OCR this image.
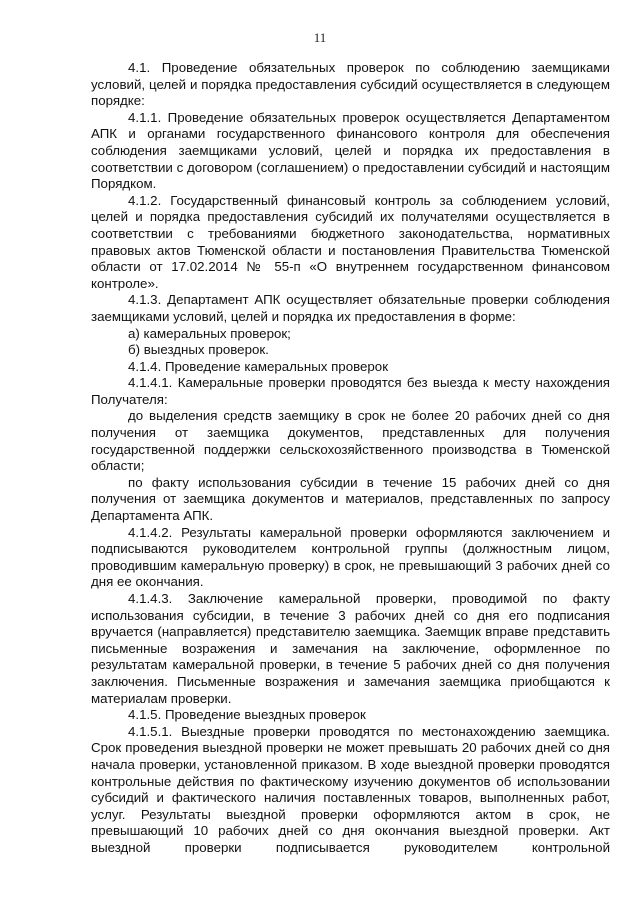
11

4.1. Проведение обязательных проверок по соблюдению заемщиками условий, целей и порядка предоставления субсидий осуществляется в следующем порядке:

4.1.1. Проведение обязательных проверок осуществляется Департаментом АПК и органами государственного финансового контроля для обеспечения соблюдения заемщиками условий, целей и порядка их предоставления в соответствии с договором (соглашением) о предоставлении субсидий и настоящим Порядком.

4.1.2. Государственный финансовый контроль за соблюдением условий, целей и порядка предоставления субсидий их получателями осуществляется в соответствии с требованиями бюджетного законодательства, нормативных правовых актов Тюменской области и постановления Правительства Тюменской области от 17.02.2014 № 55-п «О внутреннем государственном финансовом контроле».

4.1.3. Департамент АПК осуществляет обязательные проверки соблюдения заемщиками условий, целей и порядка их предоставления в форме:

а) камеральных проверок;

б) выездных проверок.

4.1.4. Проведение камеральных проверок

4.1.4.1. Камеральные проверки проводятся без выезда к месту нахождения Получателя:

до выделения средств заемщику в срок не более 20 рабочих дней со дня получения от заемщика документов, представленных для получения государственной поддержки сельскохозяйственного производства в Тюменской области;

по факту использования субсидии в течение 15 рабочих дней со дня получения от заемщика документов и материалов, представленных по запросу Департамента АПК.

4.1.4.2. Результаты камеральной проверки оформляются заключением и подписываются руководителем контрольной группы (должностным лицом, проводившим камеральную проверку) в срок, не превышающий 3 рабочих дней со дня ее окончания.

4.1.4.3. Заключение камеральной проверки, проводимой по факту использования субсидии, в течение 3 рабочих дней со дня его подписания вручается (направляется) представителю заемщика. Заемщик вправе представить письменные возражения и замечания на заключение, оформленное по результатам камеральной проверки, в течение 5 рабочих дней со дня получения заключения. Письменные возражения и замечания заемщика приобщаются к материалам проверки.

4.1.5. Проведение выездных проверок

4.1.5.1. Выездные проверки проводятся по местонахождению заемщика. Срок проведения выездной проверки не может превышать 20 рабочих дней со дня начала проверки, установленной приказом. В ходе выездной проверки проводятся контрольные действия по фактическому изучению документов об использовании субсидий и фактического наличия поставленных товаров, выполненных работ, услуг. Результаты выездной проверки оформляются актом в срок, не превышающий 10 рабочих дней со дня окончания выездной проверки. Акт выездной проверки подписывается руководителем контрольной
